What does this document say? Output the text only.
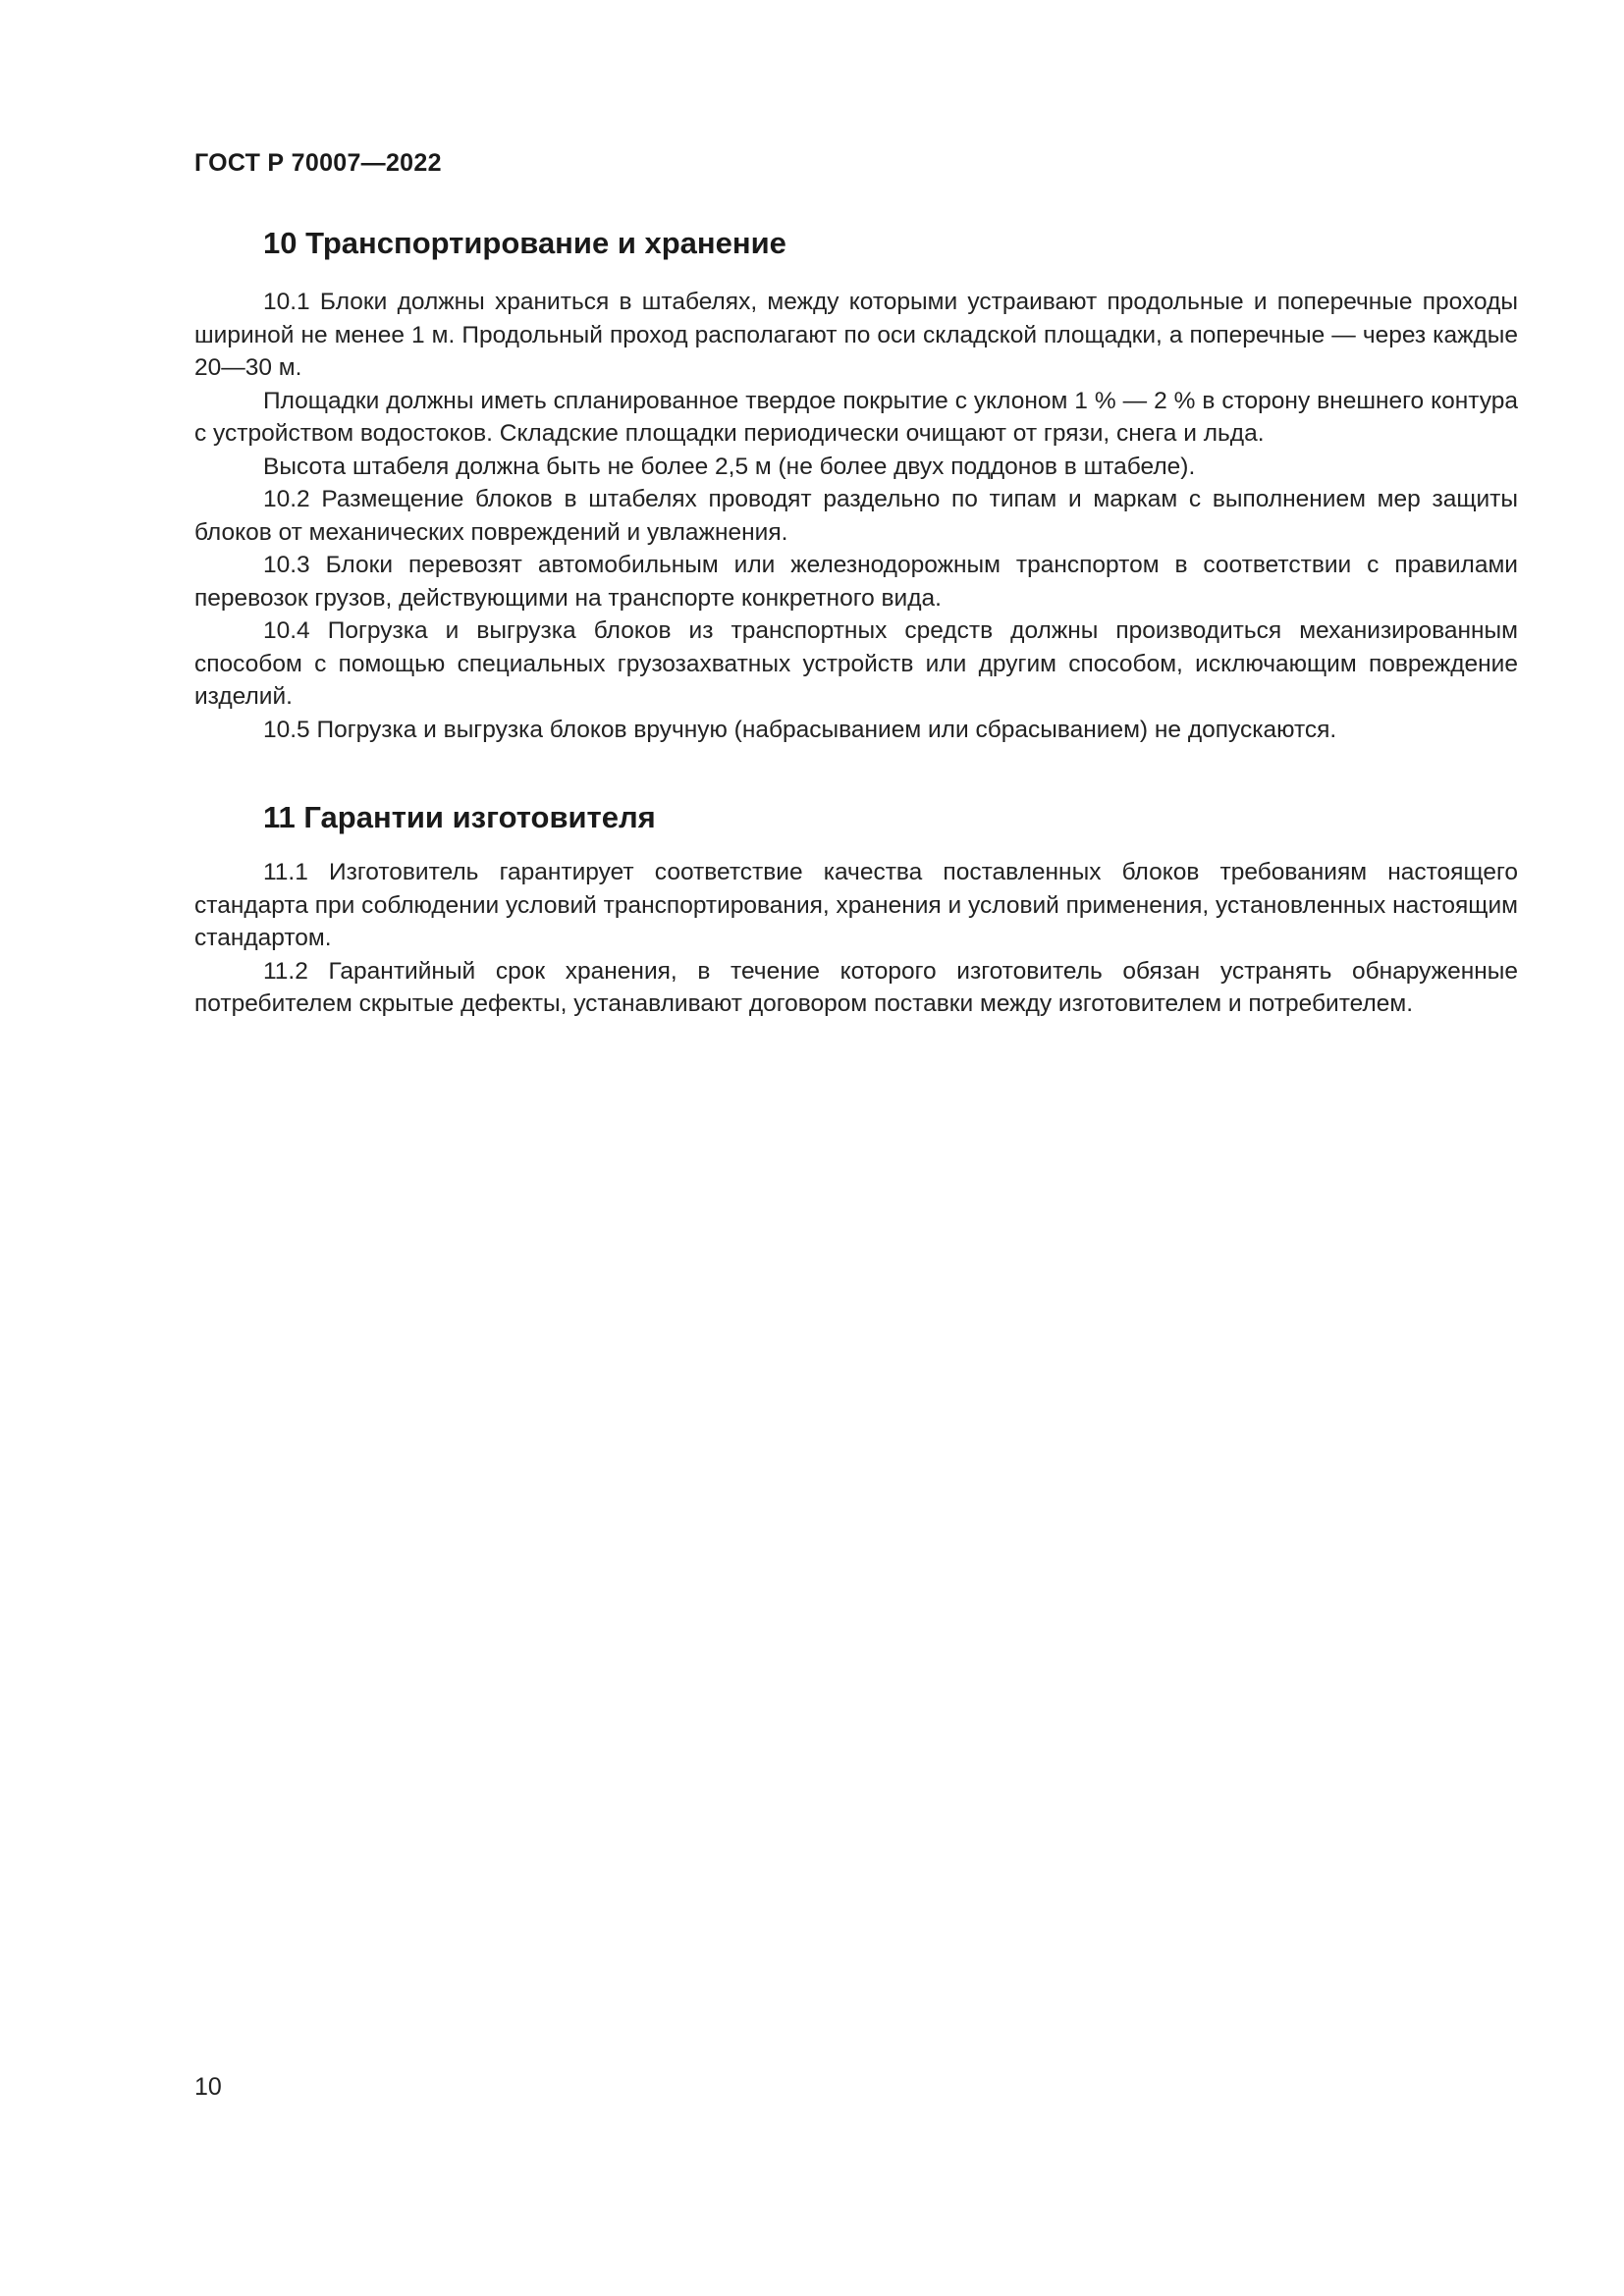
ГОСТ Р 70007—2022
10 Транспортирование и хранение

10.1 Блоки должны храниться в штабелях, между которыми устраивают продольные и поперечные проходы шириной не менее 1 м. Продольный проход располагают по оси складской площадки, а поперечные — через каждые 20—30 м.

Площадки должны иметь спланированное твердое покрытие с уклоном 1 % — 2 % в сторону внешнего контура с устройством водостоков. Складские площадки периодически очищают от грязи, снега и льда.

Высота штабеля должна быть не более 2,5 м (не более двух поддонов в штабеле).

10.2 Размещение блоков в штабелях проводят раздельно по типам и маркам с выполнением мер защиты блоков от механических повреждений и увлажнения.

10.3 Блоки перевозят автомобильным или железнодорожным транспортом в соответствии с правилами перевозок грузов, действующими на транспорте конкретного вида.

10.4 Погрузка и выгрузка блоков из транспортных средств должны производиться механизированным способом с помощью специальных грузозахватных устройств или другим способом, исключающим повреждение изделий.

10.5 Погрузка и выгрузка блоков вручную (набрасыванием или сбрасыванием) не допускаются.

11 Гарантии изготовителя

11.1 Изготовитель гарантирует соответствие качества поставленных блоков требованиям настоящего стандарта при соблюдении условий транспортирования, хранения и условий применения, установленных настоящим стандартом.

11.2 Гарантийный срок хранения, в течение которого изготовитель обязан устранять обнаруженные потребителем скрытые дефекты, устанавливают договором поставки между изготовителем и потребителем.

10
